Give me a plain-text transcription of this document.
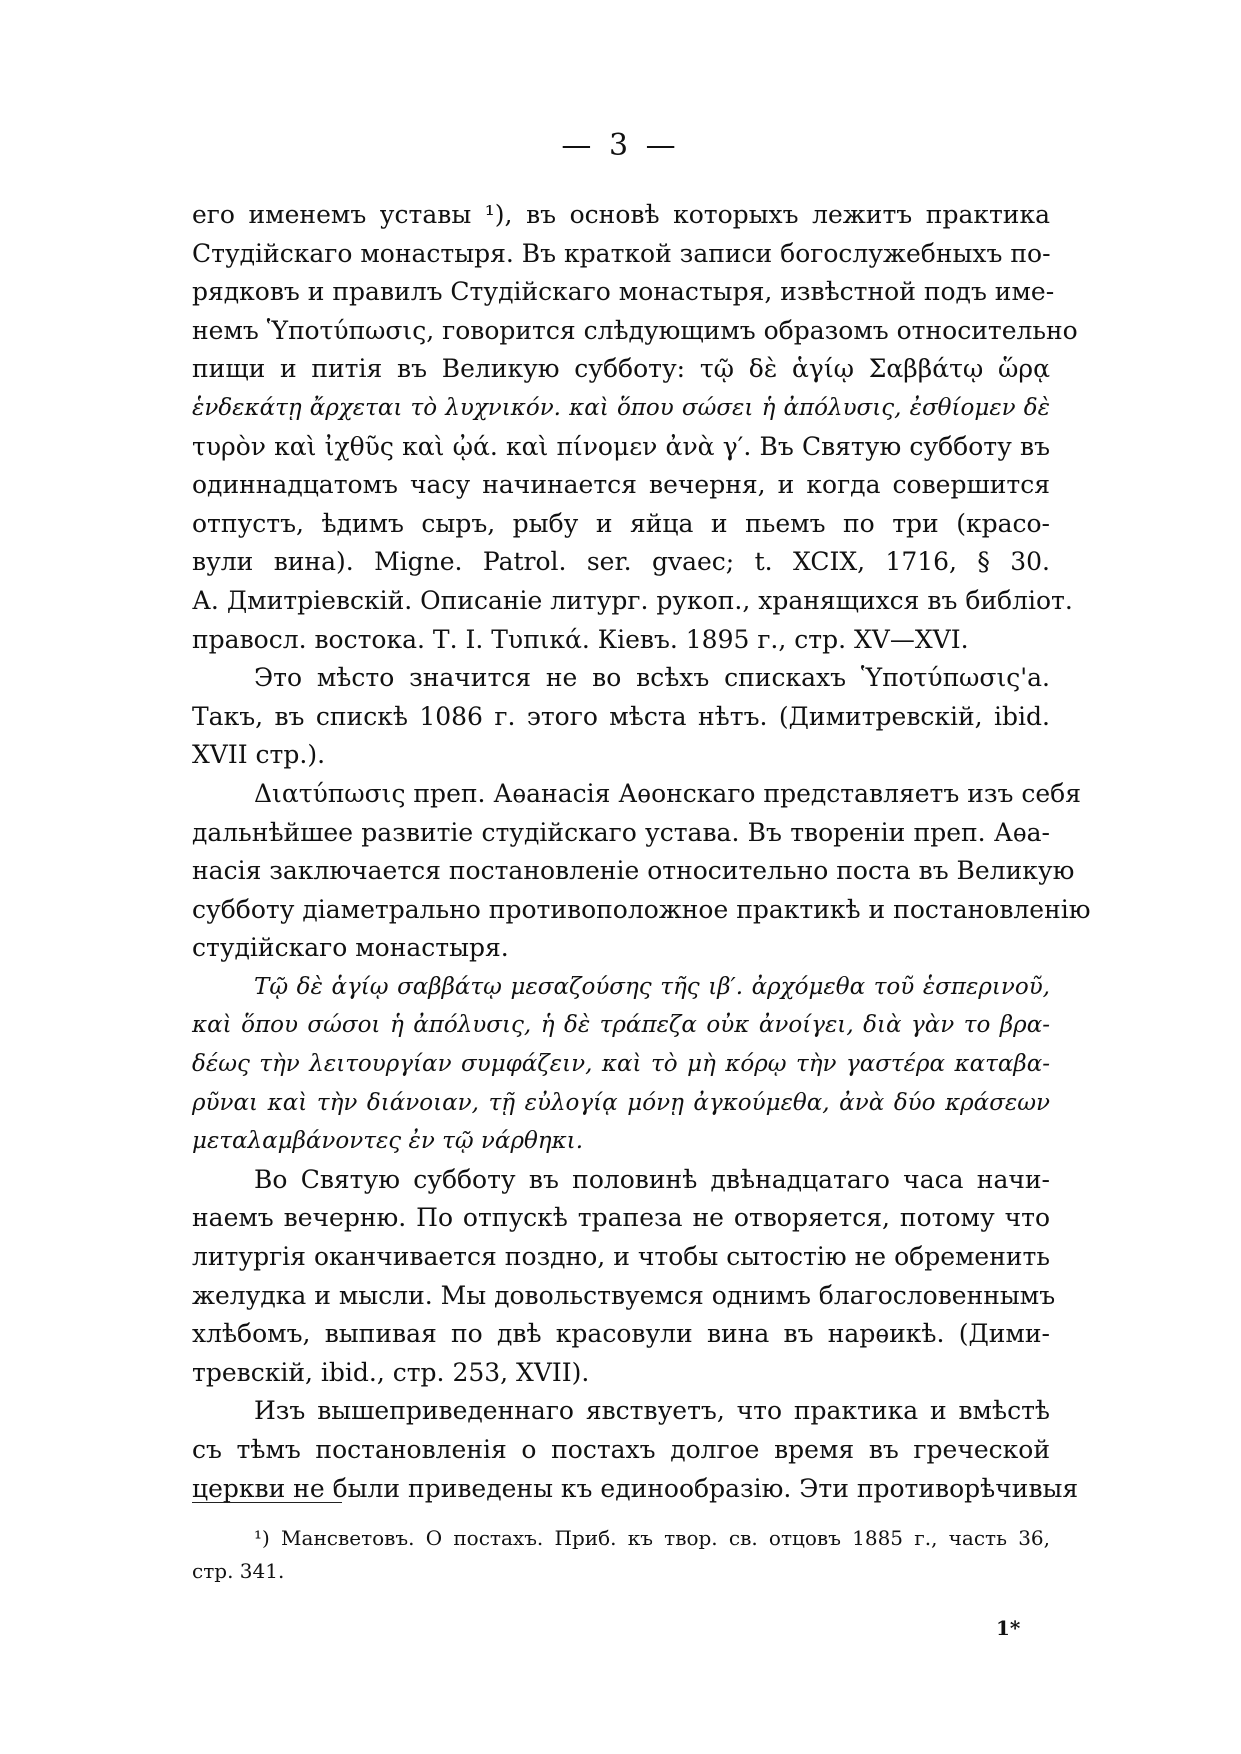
— 3 —
его именемъ уставы ¹), въ основѣ которыхъ лежитъ практика
Студійскаго монастыря. Въ краткой записи богослужебныхъ по-
рядковъ и правилъ Студійскаго монастыря, извѣстной подъ име-
немъ Ὑποτύπωσις, говорится слѣдующимъ образомъ относительно
пищи и питія въ Великую субботу: τῷ δὲ ἁγίῳ Σαββάτῳ ὥρᾳ
ἑνδεκάτῃ ἄρχεται τὸ λυχνικόν. καὶ ὅπου σώσει ἡ ἀπόλυσις, ἐσθίομεν δὲ
τυρὸν καὶ ἰχθῦς καὶ ᾠά. καὶ πίνομεν ἀνὰ γ′. Въ Святую субботу въ
одиннадцатомъ часу начинается вечерня, и когда совершится
отпустъ, ѣдимъ сыръ, рыбу и яйца и пьемъ по три (красо-
вули вина). Migne. Patrol. ser. gvaec; t. XCIX, 1716, § 30.
А. Дмитріевскій. Описаніе литург. рукоп., хранящихся въ библіот.
правосл. востока. Т. І. Τυπικά. Кіевъ. 1895 г., стр. XV—XVI.
Это мѣсто значится не во всѣхъ спискахъ Ὑποτύπωσις'a.
Такъ, въ спискѣ 1086 г. этого мѣста нѣтъ. (Димитревскій, ibid.
XVII стр.).
Διατύπωσις преп. Аѳанасія Аѳонскаго представляетъ изъ себя
дальнѣйшее развитіе студійскаго устава. Въ твореніи преп. Аѳа-
насія заключается постановленіе относительно поста въ Великую
субботу діаметрально противоположное практикѣ и постановленію
студійскаго монастыря.
Τῷ δὲ ἁγίῳ σαββάτῳ μεσαζούσης τῆς ιβ′. ἀρχόμεθα τοῦ ἑσπερινοῦ,
καὶ ὅπου σώσοι ἡ ἀπόλυσις, ἡ δὲ τράπεζα οὐκ ἀνοίγει, διὰ γὰν το βρα-
δέως τὴν λειτουργίαν συμφάζειν, καὶ τὸ μὴ κόρῳ τὴν γαστέρα καταβα-
ρῦναι καὶ τὴν διάνοιαν, τῇ εὐλογίᾳ μόνῃ ἀγκούμεθα, ἀνὰ δύο κράσεων
μεταλαμβάνοντες ἐν τῷ νάρθηκι.
Во Святую субботу въ половинѣ двѣнадцатаго часа начи-
наемъ вечерню. По отпускѣ трапеза не отворяется, потому что
литургія оканчивается поздно, и чтобы сытостію не обременить
желудка и мысли. Мы довольствуемся однимъ благословеннымъ
хлѣбомъ, выпивая по двѣ красовули вина въ нарѳикѣ. (Дими-
тревскій, ibid., стр. 253, XVII).
Изъ вышеприведеннаго явствуетъ, что практика и вмѣстѣ
съ тѣмъ постановленія о постахъ долгое время въ греческой
церкви не были приведены къ единообразію. Эти противорѣчивыя
¹) Мансветовъ. О постахъ. Приб. къ твор. св. отцовъ 1885 г., часть 36,
стр. 341.
1*
